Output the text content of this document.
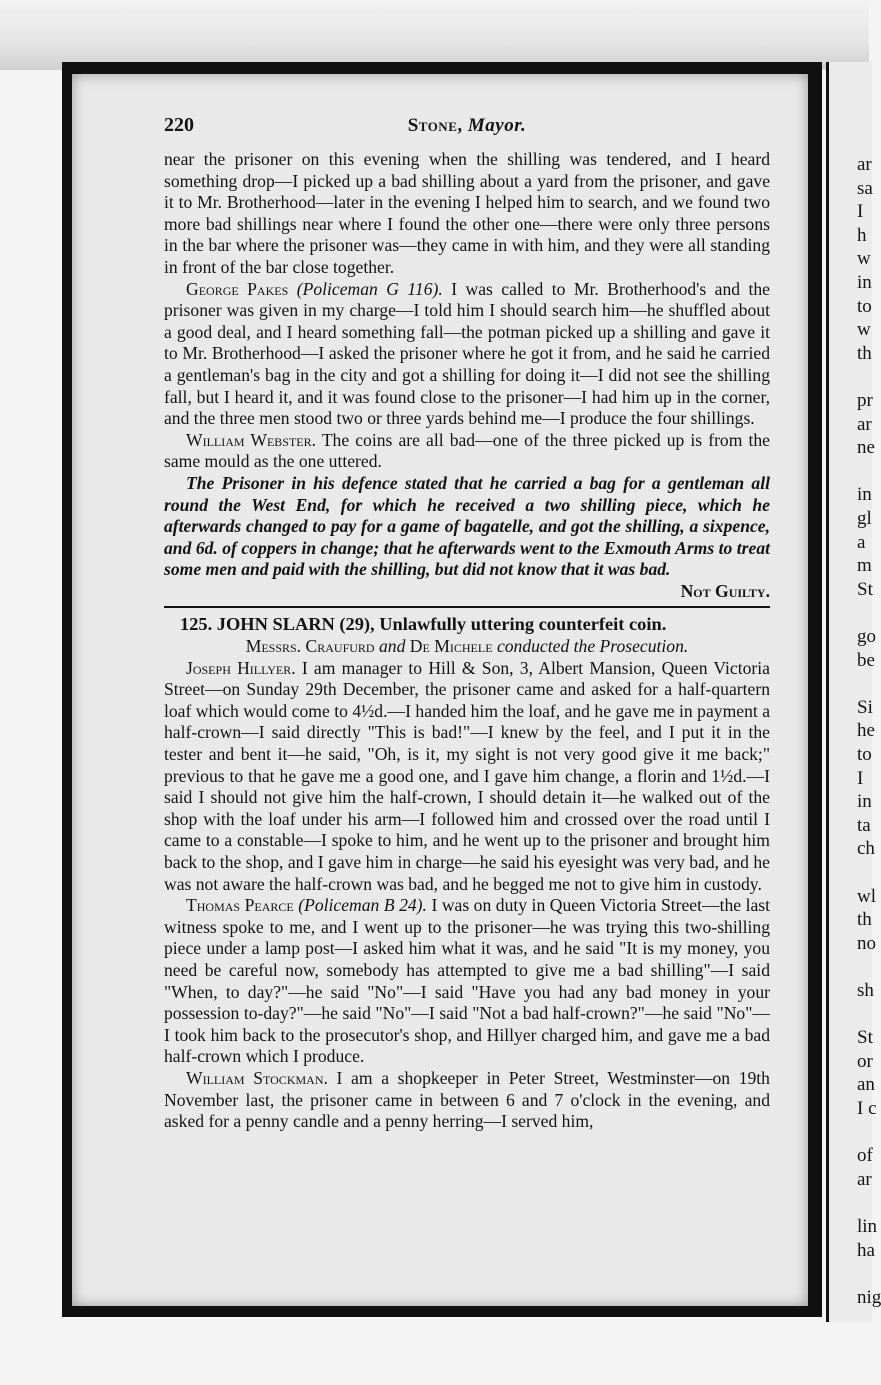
ar
sa
I
h
w
in
to
w
th
pr
ar
ne
in
gl
a
m
St
go
be
Si
he
to
I
in
ta
ch
wl
th
no
sh
St
or
an
I c
of
ar
lin
ha
nig
220	Stone, Mayor.

near the prisoner on this evening when the shilling was tendered, and I heard something drop—I picked up a bad shilling about a yard from the prisoner, and gave it to Mr. Brotherhood—later in the evening I helped him to search, and we found two more bad shillings near where I found the other one—there were only three persons in the bar where the prisoner was—they came in with him, and they were all standing in front of the bar close together.

George Pakes (Policeman G 116). I was called to Mr. Brotherhood's and the prisoner was given in my charge—I told him I should search him—he shuffled about a good deal, and I heard something fall—the potman picked up a shilling and gave it to Mr. Brotherhood—I asked the prisoner where he got it from, and he said he carried a gentleman's bag in the city and got a shilling for doing it—I did not see the shilling fall, but I heard it, and it was found close to the prisoner—I had him up in the corner, and the three men stood two or three yards behind me—I produce the four shillings.

William Webster. The coins are all bad—one of the three picked up is from the same mould as the one uttered.

The Prisoner in his defence stated that he carried a bag for a gentleman all round the West End, for which he received a two shilling piece, which he afterwards changed to pay for a game of bagatelle, and got the shilling, a sixpence, and 6d. of coppers in change; that he afterwards went to the Exmouth Arms to treat some men and paid with the shilling, but did not know that it was bad.

Not Guilty.

125. JOHN SLARN (29), Unlawfully uttering counterfeit coin.

Messrs. Craufurd and De Michele conducted the Prosecution.

Joseph Hillyer. I am manager to Hill & Son, 3, Albert Mansion, Queen Victoria Street—on Sunday 29th December, the prisoner came and asked for a half-quartern loaf which would come to 4½d.—I handed him the loaf, and he gave me in payment a half-crown—I said directly "This is bad!"—I knew by the feel, and I put it in the tester and bent it—he said, "Oh, is it, my sight is not very good give it me back;" previous to that he gave me a good one, and I gave him change, a florin and 1½d.—I said I should not give him the half-crown, I should detain it—he walked out of the shop with the loaf under his arm—I followed him and crossed over the road until I came to a constable—I spoke to him, and he went up to the prisoner and brought him back to the shop, and I gave him in charge—he said his eyesight was very bad, and he was not aware the half-crown was bad, and he begged me not to give him in custody.

Thomas Pearce (Policeman B 24). I was on duty in Queen Victoria Street—the last witness spoke to me, and I went up to the prisoner—he was trying this two-shilling piece under a lamp post—I asked him what it was, and he said "It is my money, you need be careful now, somebody has attempted to give me a bad shilling"—I said "When, to day?"—he said "No"—I said "Have you had any bad money in your possession to-day?"—he said "No"—I said "Not a bad half-crown?"—he said "No"—I took him back to the prosecutor's shop, and Hillyer charged him, and gave me a bad half-crown which I produce.

William Stockman. I am a shopkeeper in Peter Street, Westminster—on 19th November last, the prisoner came in between 6 and 7 o'clock in the evening, and asked for a penny candle and a penny herring—I served him,
